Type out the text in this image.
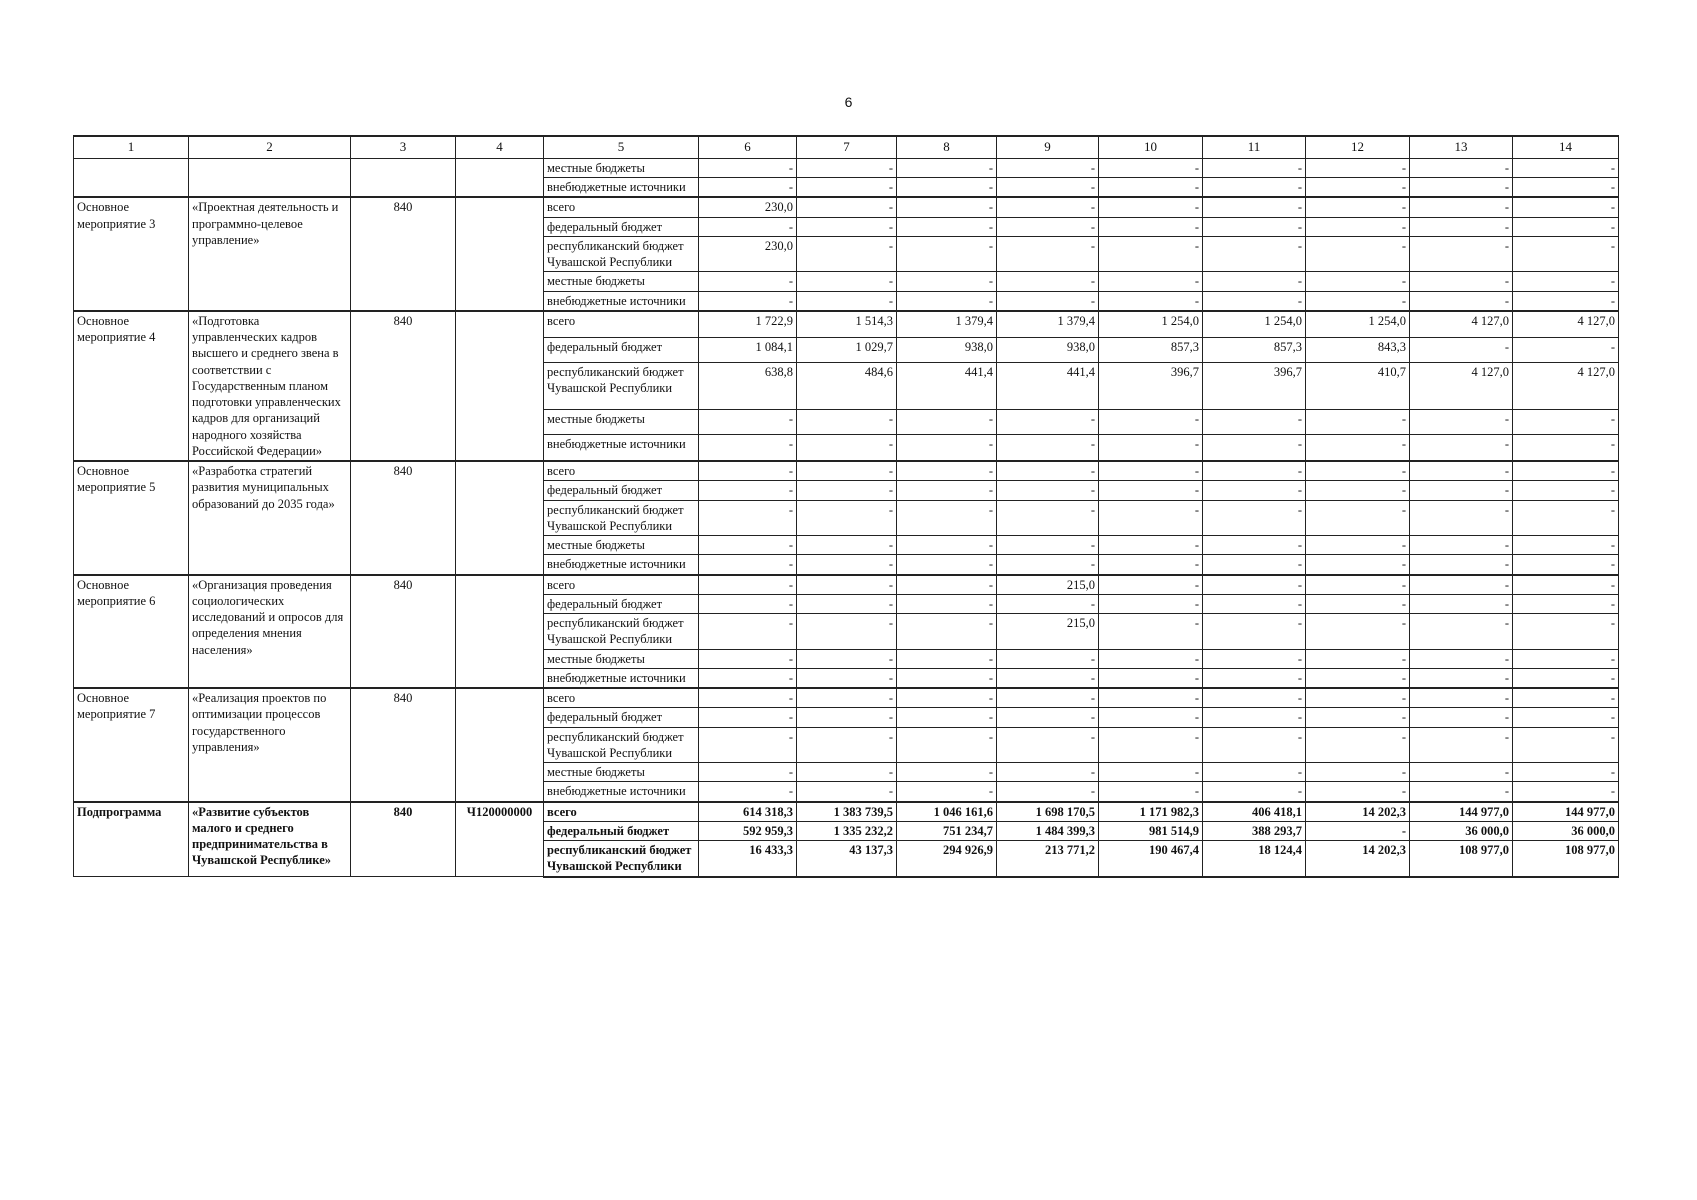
6
1	2	3	4	5	6	7	8	9	10	11	12	13	14
				местные бюджеты	-	-	-	-	-	-	-	-	-
				внебюджетные источники	-	-	-	-	-	-	-	-	-
Основное мероприятие 3	«Проектная деятельность и программно-целевое управление»	840		всего	230,0	-	-	-	-	-	-	-	-
				федеральный бюджет	-	-	-	-	-	-	-	-	-
				республиканский бюджет Чувашской Республики	230,0	-	-	-	-	-	-	-	-
				местные бюджеты	-	-	-	-	-	-	-	-	-
				внебюджетные источники	-	-	-	-	-	-	-	-	-
Основное мероприятие 4	«Подготовка управленческих кадров высшего и среднего звена в соответствии с Государственным планом подготовки управленческих кадров для организаций народного хозяйства Российской Федерации»	840		всего	1 722,9	1 514,3	1 379,4	1 379,4	1 254,0	1 254,0	1 254,0	4 127,0	4 127,0
				федеральный бюджет	1 084,1	1 029,7	938,0	938,0	857,3	857,3	843,3	-	-
				республиканский бюджет Чувашской Республики	638,8	484,6	441,4	441,4	396,7	396,7	410,7	4 127,0	4 127,0
				местные бюджеты	-	-	-	-	-	-	-	-	-
				внебюджетные источники	-	-	-	-	-	-	-	-	-
Основное мероприятие 5	«Разработка стратегий развития муниципальных образований до 2035 года»	840		всего	-	-	-	-	-	-	-	-	-
				федеральный бюджет	-	-	-	-	-	-	-	-	-
				республиканский бюджет Чувашской Республики	-	-	-	-	-	-	-	-	-
				местные бюджеты	-	-	-	-	-	-	-	-	-
				внебюджетные источники	-	-	-	-	-	-	-	-	-
Основное мероприятие 6	«Организация проведения социологических исследований и опросов для определения мнения населения»	840		всего	-	-	-	215,0	-	-	-	-	-
				федеральный бюджет	-	-	-	-	-	-	-	-	-
				республиканский бюджет Чувашской Республики	-	-	-	215,0	-	-	-	-	-
				местные бюджеты	-	-	-	-	-	-	-	-	-
				внебюджетные источники	-	-	-	-	-	-	-	-	-
Основное мероприятие 7	«Реализация проектов по оптимизации процессов государственного управления»	840		всего	-	-	-	-	-	-	-	-	-
				федеральный бюджет	-	-	-	-	-	-	-	-	-
				республиканский бюджет Чувашской Республики	-	-	-	-	-	-	-	-	-
				местные бюджеты	-	-	-	-	-	-	-	-	-
				внебюджетные источники	-	-	-	-	-	-	-	-	-
Подпрограмма	«Развитие субъектов малого и среднего предпринимательства в Чувашской Республике»	840	Ч120000000	всего	614 318,3	1 383 739,5	1 046 161,6	1 698 170,5	1 171 982,3	406 418,1	14 202,3	144 977,0	144 977,0
				федеральный бюджет	592 959,3	1 335 232,2	751 234,7	1 484 399,3	981 514,9	388 293,7	-	36 000,0	36 000,0
				республиканский бюджет Чувашской Республики	16 433,3	43 137,3	294 926,9	213 771,2	190 467,4	18 124,4	14 202,3	108 977,0	108 977,0
